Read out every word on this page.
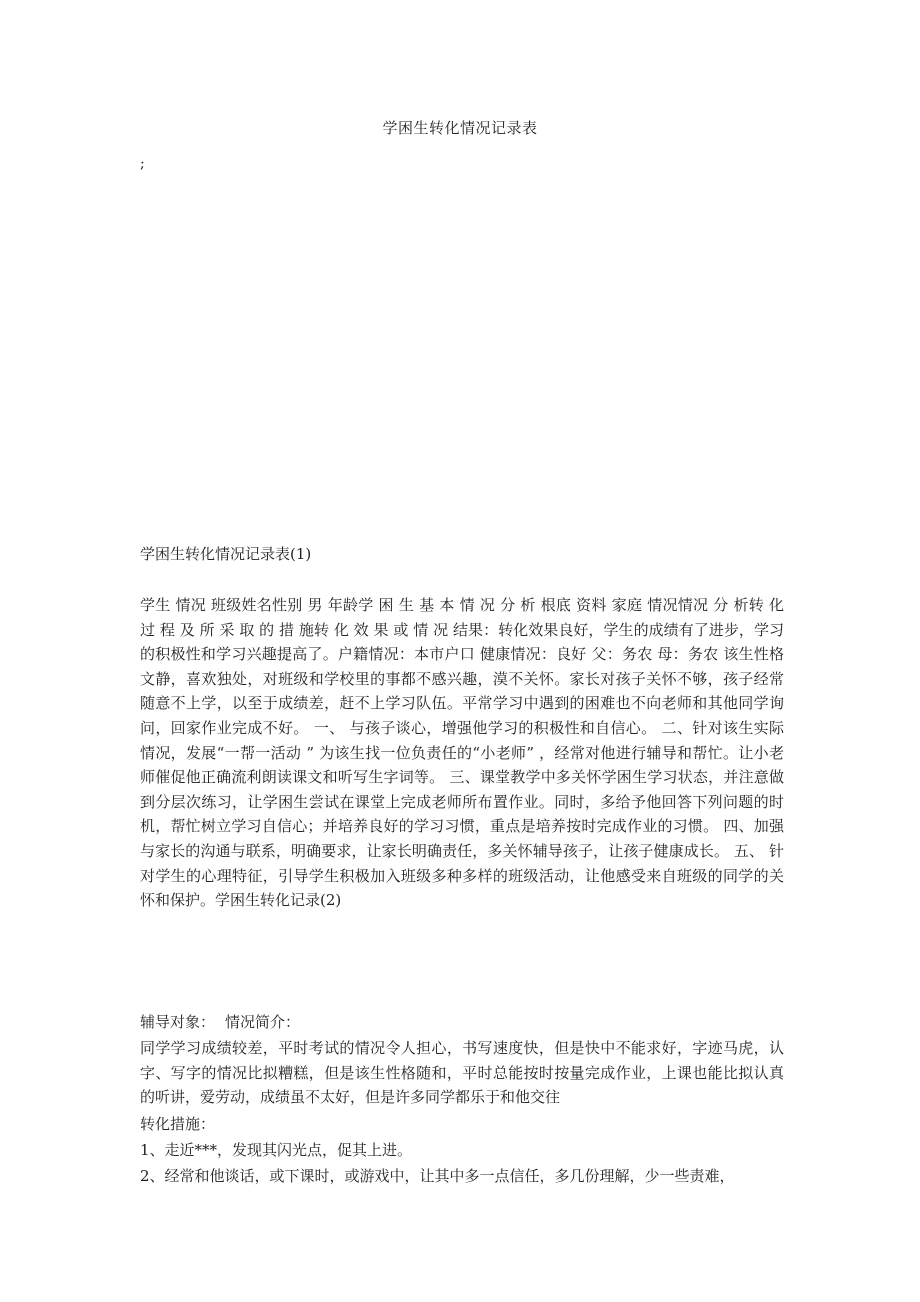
学困生转化情况记录表
;
学困生转化情况记录表(1)

学生 情况 班级姓名性别 男 年龄学 困 生 基 本 情 况 分 析 根底 资料 家庭 情况情况 分 析转 化 过 程 及 所 采 取 的 措 施转 化 效 果 或 情 况 结果：转化效果良好，学生的成绩有了进步，学习的积极性和学习兴趣提高了。户籍情况：本市户口 健康情况：良好 父：务农 母：务农 该生性格文静，喜欢独处，对班级和学校里的事都不感兴趣，漠不关怀。家长对孩子关怀不够，孩子经常随意不上学，以至于成绩差，赶不上学习队伍。平常学习中遇到的困难也不向老师和其他同学询问，回家作业完成不好。 一、 与孩子谈心，增强他学习的积极性和自信心。 二、针对该生实际情况，发展“一帮一活动 ” 为该生找一位负责任的“小老师” ，经常对他进行辅导和帮忙。让小老师催促他正确流利朗读课文和听写生字词等。 三、课堂教学中多关怀学困生学习状态，并注意做到分层次练习，让学困生尝试在课堂上完成老师所布置作业。同时，多给予他回答下列问题的时机，帮忙树立学习自信心；并培养良好的学习习惯，重点是培养按时完成作业的习惯。 四、加强与家长的沟通与联系，明确要求，让家长明确责任，多关怀辅导孩子，让孩子健康成长。 五、 针对学生的心理特征，引导学生积极加入班级多种多样的班级活动，让他感受来自班级的同学的关怀和保护。学困生转化记录(2)

辅导对象： 情况简介：

同学学习成绩较差，平时考试的情况令人担心，书写速度快，但是快中不能求好，字迹马虎，认字、写字的情况比拟糟糕，但是该生性格随和，平时总能按时按量完成作业，上课也能比拟认真的听讲，爱劳动，成绩虽不太好，但是许多同学都乐于和他交往

转化措施：

1、走近***，发现其闪光点，促其上进。

2、经常和他谈话，或下课时，或游戏中，让其中多一点信任，多几份理解，少一些责难，
